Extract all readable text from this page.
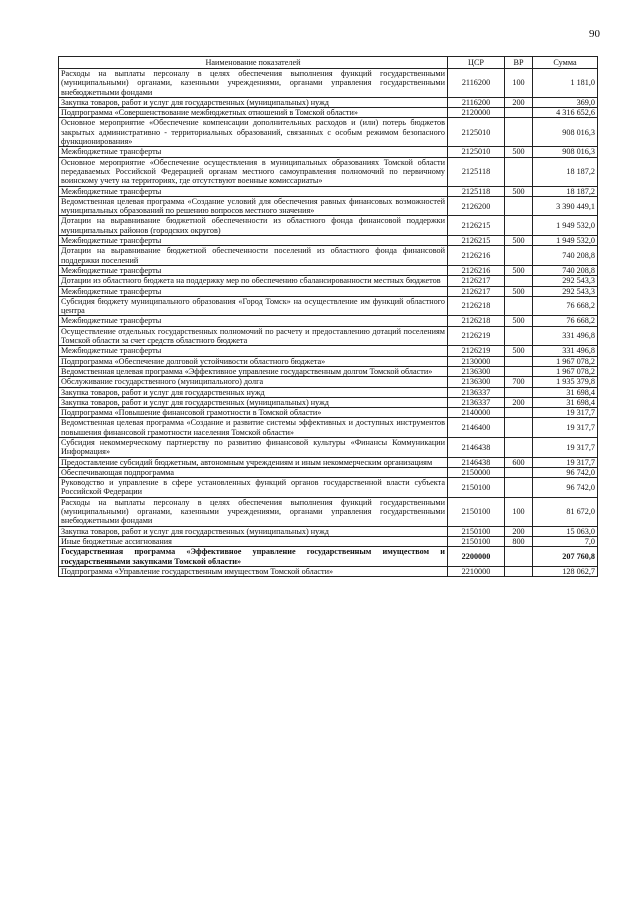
90
Наименование показателей	ЦСР	ВР	Сумма
Расходы на выплаты персоналу в целях обеспечения выполнения функций государственными (муниципальными) органами, казенными учреждениями, органами управления государственными внебюджетными фондами	2116200	100	1 181,0
Закупка товаров, работ и услуг для государственных (муниципальных) нужд	2116200	200	369,0
Подпрограмма «Совершенствование межбюджетных отношений в Томской области»	2120000		4 316 652,6
Основное мероприятие «Обеспечение компенсации дополнительных расходов и (или) потерь бюджетов закрытых административно - территориальных образований, связанных с особым режимом безопасного функционирования»	2125010		908 016,3
Межбюджетные трансферты	2125010	500	908 016,3
Основное мероприятие «Обеспечение осуществления в муниципальных образованиях Томской области передаваемых Российской Федерацией органам местного самоуправления полномочий по первичному воинскому учету на территориях, где отсутствуют военные комиссариаты»	2125118		18 187,2
Межбюджетные трансферты	2125118	500	18 187,2
Ведомственная целевая программа «Создание условий для обеспечения равных финансовых возможностей муниципальных образований по решению вопросов местного значения»	2126200		3 390 449,1
Дотации на выравнивание бюджетной обеспеченности из областного фонда финансовой поддержки муниципальных районов (городских округов)	2126215		1 949 532,0
Межбюджетные трансферты	2126215	500	1 949 532,0
Дотации на выравнивание бюджетной обеспеченности поселений из областного фонда финансовой поддержки поселений	2126216		740 208,8
Межбюджетные трансферты	2126216	500	740 208,8
Дотации из областного бюджета на поддержку мер по обеспечению сбалансированности местных бюджетов	2126217		292 543,3
Межбюджетные трансферты	2126217	500	292 543,3
Субсидия бюджету муниципального образования «Город Томск» на осуществление им функций областного центра	2126218		76 668,2
Межбюджетные трансферты	2126218	500	76 668,2
Осуществление отдельных государственных полномочий по расчету и предоставлению дотаций поселениям Томской области за счет средств областного бюджета	2126219		331 496,8
Межбюджетные трансферты	2126219	500	331 496,8
Подпрограмма «Обеспечение долговой устойчивости областного бюджета»	2130000		1 967 078,2
Ведомственная целевая программа «Эффективное управление государственным долгом Томской области»	2136300		1 967 078,2
Обслуживание государственного (муниципального) долга	2136300	700	1 935 379,8
Закупка товаров, работ и услуг для государственных нужд	2136337		31 698,4
Закупка товаров, работ и услуг для государственных (муниципальных) нужд	2136337	200	31 698,4
Подпрограмма «Повышение финансовой грамотности в Томской области»	2140000		19 317,7
Ведомственная целевая программа «Создание и развитие системы эффективных и доступных инструментов повышения финансовой грамотности населения Томской области»	2146400		19 317,7
Субсидия некоммерческому партнерству по развитию финансовой культуры «Финансы Коммуникации Информация»	2146438		19 317,7
Предоставление субсидий бюджетным, автономным учреждениям и иным некоммерческим организациям	2146438	600	19 317,7
Обеспечивающая подпрограмма	2150000		96 742,0
Руководство и управление в сфере установленных функций органов государственной власти субъекта Российской Федерации	2150100		96 742,0
Расходы на выплаты персоналу в целях обеспечения выполнения функций государственными (муниципальными) органами, казенными учреждениями, органами управления государственными внебюджетными фондами	2150100	100	81 672,0
Закупка товаров, работ и услуг для государственных (муниципальных) нужд	2150100	200	15 063,0
Иные бюджетные ассигнования	2150100	800	7,0
Государственная программа «Эффективное управление государственным имуществом и государственными закупками Томской области»	2200000		207 760,8
Подпрограмма «Управление государственным имуществом Томской области»	2210000		128 062,7
